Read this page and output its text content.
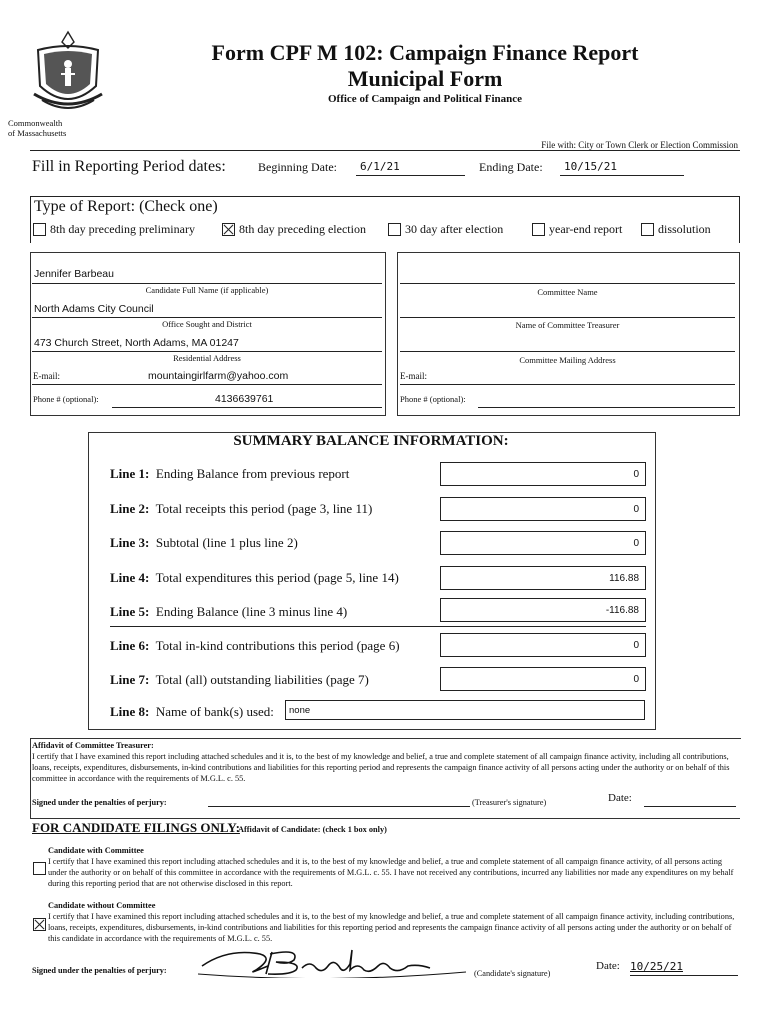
Commonwealth
of Massachusetts
Form CPF M 102: Campaign Finance Report
Municipal Form
Office of Campaign and Political Finance
File with: City or Town Clerk or Election Commission
Fill in Reporting Period dates:	Beginning Date:	6/1/21	Ending Date:	10/15/21
Type of Report: (Check one)
8th day preceding preliminary	8th day preceding election	30 day after election	year-end report	dissolution
Jennifer Barbeau
Candidate Full Name (if applicable)
North Adams City Council
Office Sought and District
473 Church Street, North Adams, MA 01247
Residential Address
E-mail:	mountaingirlfarm@yahoo.com
Phone # (optional):	4136639761
Committee Name
Name of Committee Treasurer
Committee Mailing Address
E-mail:
Phone # (optional):
SUMMARY BALANCE INFORMATION:
Line 1: Ending Balance from previous report	0
Line 2: Total receipts this period (page 3, line 11)	0
Line 3: Subtotal (line 1 plus line 2)	0
Line 4: Total expenditures this period (page 5, line 14)	116.88
Line 5: Ending Balance (line 3 minus line 4)	-116.88
Line 6: Total in-kind contributions this period (page 6)	0
Line 7: Total (all) outstanding liabilities (page 7)	0
Line 8: Name of bank(s) used:	none
Affidavit of Committee Treasurer:
I certify that I have examined this report including attached schedules and it is, to the best of my knowledge and belief, a true and complete statement of all campaign finance activity, including all contributions, loans, receipts, expenditures, disbursements, in-kind contributions and liabilities for this reporting period and represents the campaign finance activity of all persons acting under the authority or on behalf of this committee in accordance with the requirements of M.G.L. c. 55.
Signed under the penalties of perjury:	(Treasurer's signature)	Date:
FOR CANDIDATE FILINGS ONLY:
Affidavit of Candidate: (check 1 box only)
Candidate with Committee
I certify that I have examined this report including attached schedules and it is, to the best of my knowledge and belief, a true and complete statement of all campaign finance activity, of all persons acting under the authority or on behalf of this committee in accordance with the requirements of M.G.L. c. 55. I have not received any contributions, incurred any liabilities nor made any expenditures on my behalf during this reporting period that are not otherwise disclosed in this report.
Candidate without Committee
I certify that I have examined this report including attached schedules and it is, to the best of my knowledge and belief, a true and complete statement of all campaign finance activity, including contributions, loans, receipts, expenditures, disbursements, in-kind contributions and liabilities for this reporting period and represents the campaign finance activity of all persons acting under the authority or on behalf of this candidate in accordance with the requirements of M.G.L. c. 55.
Signed under the penalties of perjury:	(Candidate's signature)
Date: 10/25/21
